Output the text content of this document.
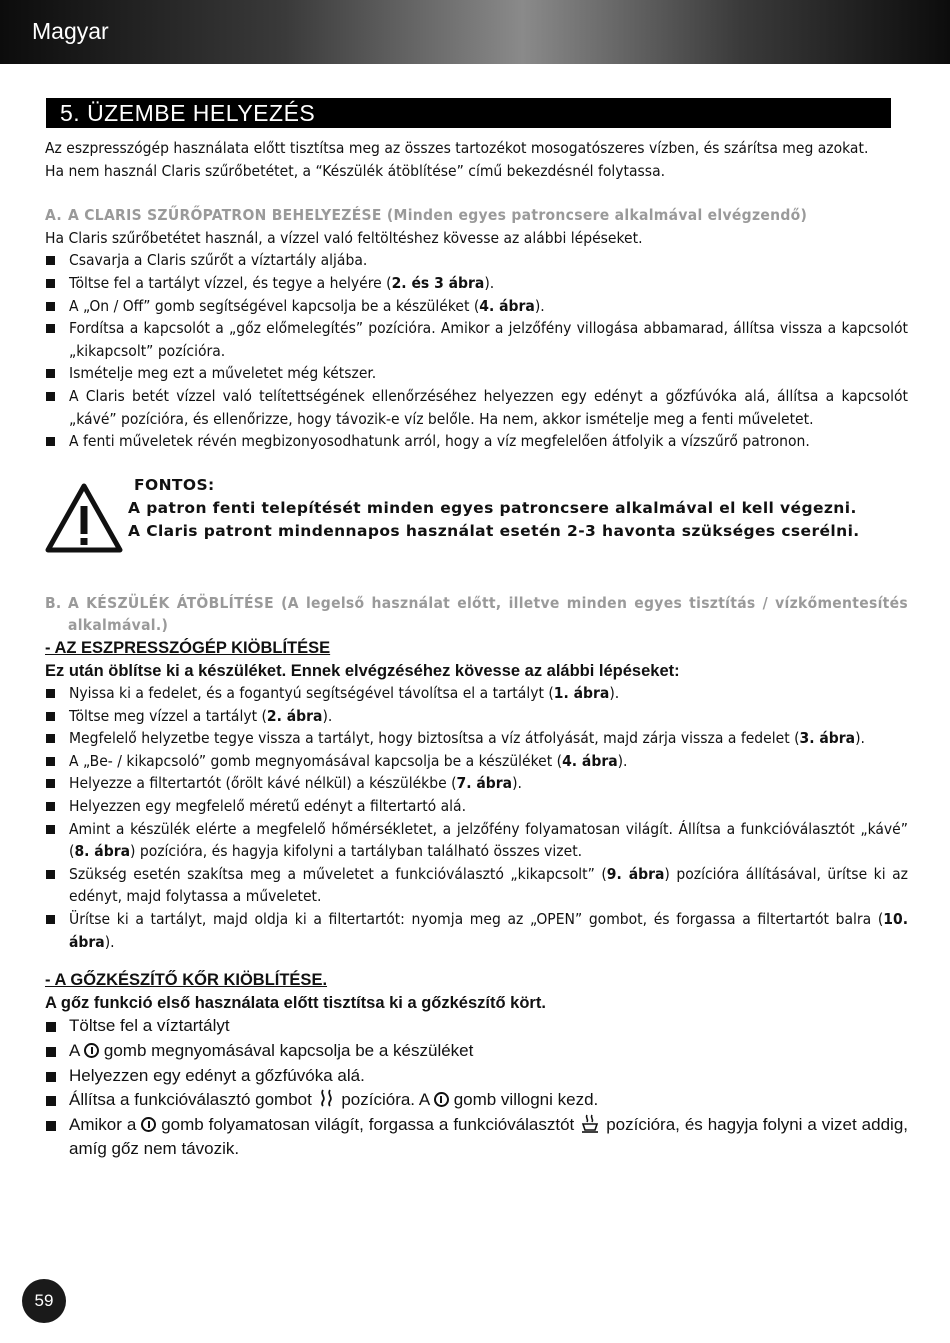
Magyar
5. ÜZEMBE HELYEZÉS

Az eszpresszógép használata előtt tisztítsa meg az összes tartozékot mosogatószeres vízben, és szárítsa meg azokat.

Ha nem használ Claris szűrőbetétet, a “Készülék átöblítése” című bekezdésnél folytassa.

A. A CLARIS SZŰRŐPATRON BEHELYEZÉSE (Minden egyes patroncsere alkalmával elvégzendő)

Ha Claris szűrőbetétet használ, a vízzel való feltöltéshez kövesse az alábbi lépéseket.

Csavarja a Claris szűrőt a víztartály aljába.
Töltse fel a tartályt vízzel, és tegye a helyére (2. és 3 ábra).
A „On / Off” gomb segítségével kapcsolja be a készüléket (4. ábra).
Fordítsa a kapcsolót a „gőz előmelegítés” pozícióra. Amikor a jelzőfény villogása abbamarad, állítsa vissza a kapcsolót „kikapcsolt” pozícióra.
Ismételje meg ezt a műveletet még kétszer.
A Claris betét vízzel való telítettségének ellenőrzéséhez helyezzen egy edényt a gőzfúvóka alá, állítsa a kapcsolót „kávé” pozícióra, és ellenőrizze, hogy távozik-e víz belőle. Ha nem, akkor ismételje meg a fenti műveletet.
A fenti műveletek révén megbizonyosodhatunk arról, hogy a víz megfelelően átfolyik a vízszűrő patronon.
FONTOS:
A patron fenti telepítését minden egyes patroncsere alkalmával el kell végezni.
A Claris patront mindennapos használat esetén 2-3 havonta szükséges cserélni.

B. A KÉSZÜLÉK ÁTÖBLÍTÉSE (A legelső használat előtt, illetve minden egyes tisztítás / vízkőmentesítés alkalmával.)

- AZ ESZPRESSZÓGÉP KIÖBLÍTÉSE

Ez után öblítse ki a készüléket. Ennek elvégzéséhez kövesse az alábbi lépéseket:

Nyissa ki a fedelet, és a fogantyú segítségével távolítsa el a tartályt (1. ábra).
Töltse meg vízzel a tartályt (2. ábra).
Megfelelő helyzetbe tegye vissza a tartályt, hogy biztosítsa a víz átfolyását, majd zárja vissza a fedelet (3. ábra).
A „Be- / kikapcsoló” gomb megnyomásával kapcsolja be a készüléket (4. ábra).
Helyezze a filtertartót (őrölt kávé nélkül) a készülékbe (7. ábra).
Helyezzen egy megfelelő méretű edényt a filtertartó alá.
Amint a készülék elérte a megfelelő hőmérsékletet, a jelzőfény folyamatosan világít. Állítsa a funkcióválasztót „kávé” (8. ábra) pozícióra, és hagyja kifolyni a tartályban található összes vizet.
Szükség esetén szakítsa meg a műveletet a funkcióválasztó „kikapcsolt” (9. ábra) pozícióra állításával, ürítse ki az edényt, majd folytassa a műveletet.
Ürítse ki a tartályt, majd oldja ki a filtertartót: nyomja meg az „OPEN” gombot, és forgassa a filtertartót balra (10. ábra).

- A GŐZKÉSZÍTŐ KŐR KIÖBLÍTÉSE.

A gőz funkció első használata előtt tisztítsa ki a gőzkészítő kört.

Töltse fel a víztartályt
A gomb megnyomásával kapcsolja be a készüléket
Helyezzen egy edényt a gőzfúvóka alá.
Állítsa a funkcióválasztó gombot pozícióra. A gomb villogni kezd.
Amikor a gomb folyamatosan világít, forgassa a funkcióválasztót pozícióra, és hagyja folyni a vizet addig, amíg gőz nem távozik.
59
